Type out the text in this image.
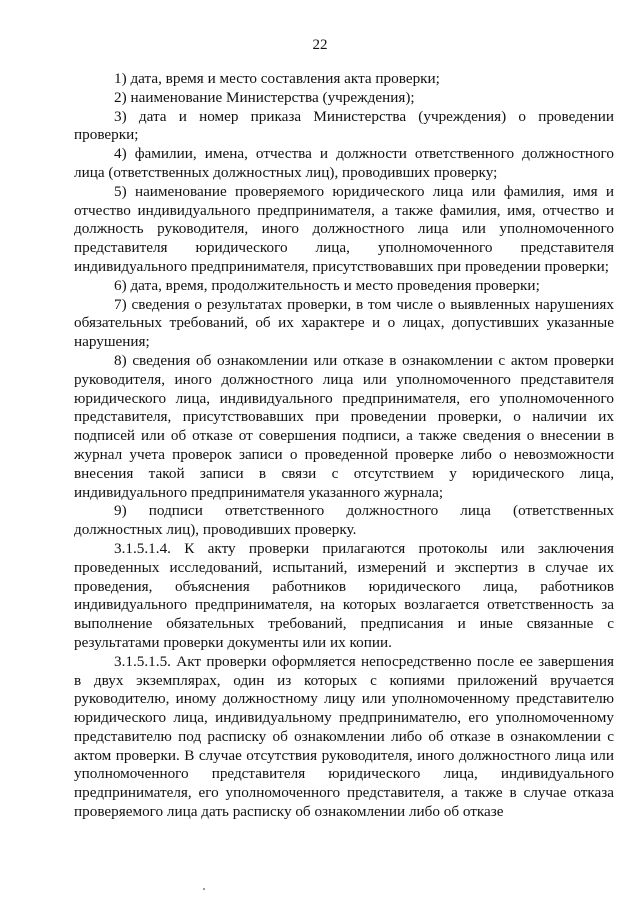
22

1) дата, время и место составления акта проверки;

2) наименование Министерства (учреждения);

3) дата и номер приказа Министерства (учреждения) о проведении проверки;

4) фамилии, имена, отчества и должности ответственного должностного лица (ответственных должностных лиц), проводивших проверку;

5) наименование проверяемого юридического лица или фамилия, имя и отчество индивидуального предпринимателя, а также фамилия, имя, отчество и должность руководителя, иного должностного лица или уполномоченного представителя юридического лица, уполномоченного представителя индивидуального предпринимателя, присутствовавших при проведении проверки;

6) дата, время, продолжительность и место проведения проверки;

7) сведения о результатах проверки, в том числе о выявленных нарушениях обязательных требований, об их характере и о лицах, допустивших указанные нарушения;

8) сведения об ознакомлении или отказе в ознакомлении с актом проверки руководителя, иного должностного лица или уполномоченного представителя юридического лица, индивидуального предпринимателя, его уполномоченного представителя, присутствовавших при проведении проверки, о наличии их подписей или об отказе от совершения подписи, а также сведения о внесении в журнал учета проверок записи о проведенной проверке либо о невозможности внесения такой записи в связи с отсутствием у юридического лица, индивидуального предпринимателя указанного журнала;

9) подписи ответственного должностного лица (ответственных должностных лиц), проводивших проверку.

3.1.5.1.4. К акту проверки прилагаются протоколы или заключения проведенных исследований, испытаний, измерений и экспертиз в случае их проведения, объяснения работников юридического лица, работников индивидуального предпринимателя, на которых возлагается ответственность за выполнение обязательных требований, предписания и иные связанные с результатами проверки документы или их копии.

3.1.5.1.5. Акт проверки оформляется непосредственно после ее завершения в двух экземплярах, один из которых с копиями приложений вручается руководителю, иному должностному лицу или уполномоченному представителю юридического лица, индивидуальному предпринимателю, его уполномоченному представителю под расписку об ознакомлении либо об отказе в ознакомлении с актом проверки. В случае отсутствия руководителя, иного должностного лица или уполномоченного представителя юридического лица, индивидуального предпринимателя, его уполномоченного представителя, а также в случае отказа проверяемого лица дать расписку об ознакомлении либо об отказе
